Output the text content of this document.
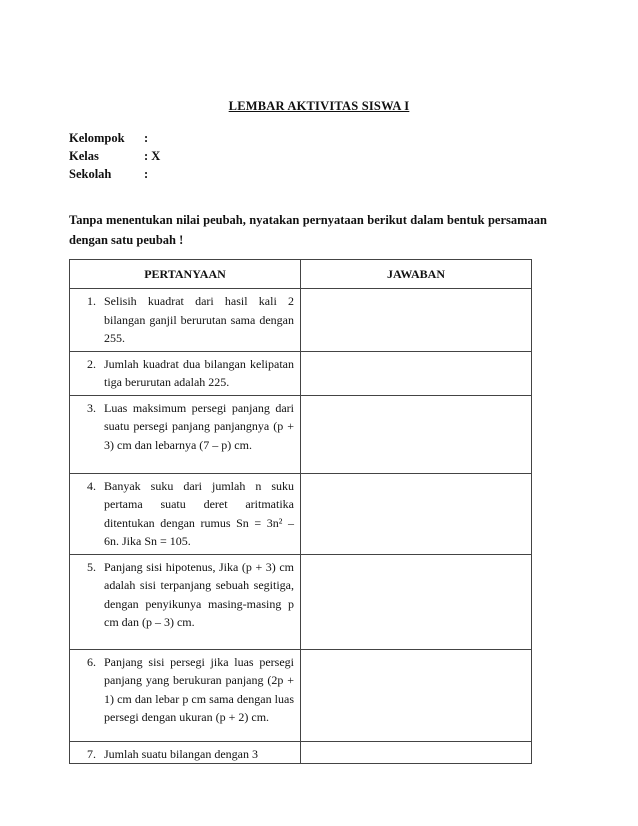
LEMBAR AKTIVITAS SISWA I
Kelompok :
Kelas	: X
Sekolah	:
Tanpa menentukan nilai peubah, nyatakan pernyataan berikut dalam bentuk persamaan dengan satu peubah !
PERTANYAAN	JAWABAN

1. Selisih kuadrat dari hasil kali 2 bilangan ganjil berurutan sama dengan 255.	

2. Jumlah kuadrat dua bilangan kelipatan tiga berurutan adalah 225.	

3. Luas maksimum persegi panjang dari suatu persegi panjang panjangnya (p + 3) cm dan lebarnya (7 – p) cm.	

4. Banyak suku dari jumlah n suku pertama suatu deret aritmatika ditentukan dengan rumus Sn = 3n² – 6n. Jika Sn = 105.	

5. Panjang sisi hipotenus, Jika (p + 3) cm adalah sisi terpanjang sebuah segitiga, dengan penyikunya masing-masing p cm dan (p – 3) cm.	

6. Panjang sisi persegi jika luas persegi panjang yang berukuran panjang (2p + 1) cm dan lebar p cm sama dengan luas persegi dengan ukuran (p + 2) cm.	

7. Jumlah suatu bilangan dengan 3	
